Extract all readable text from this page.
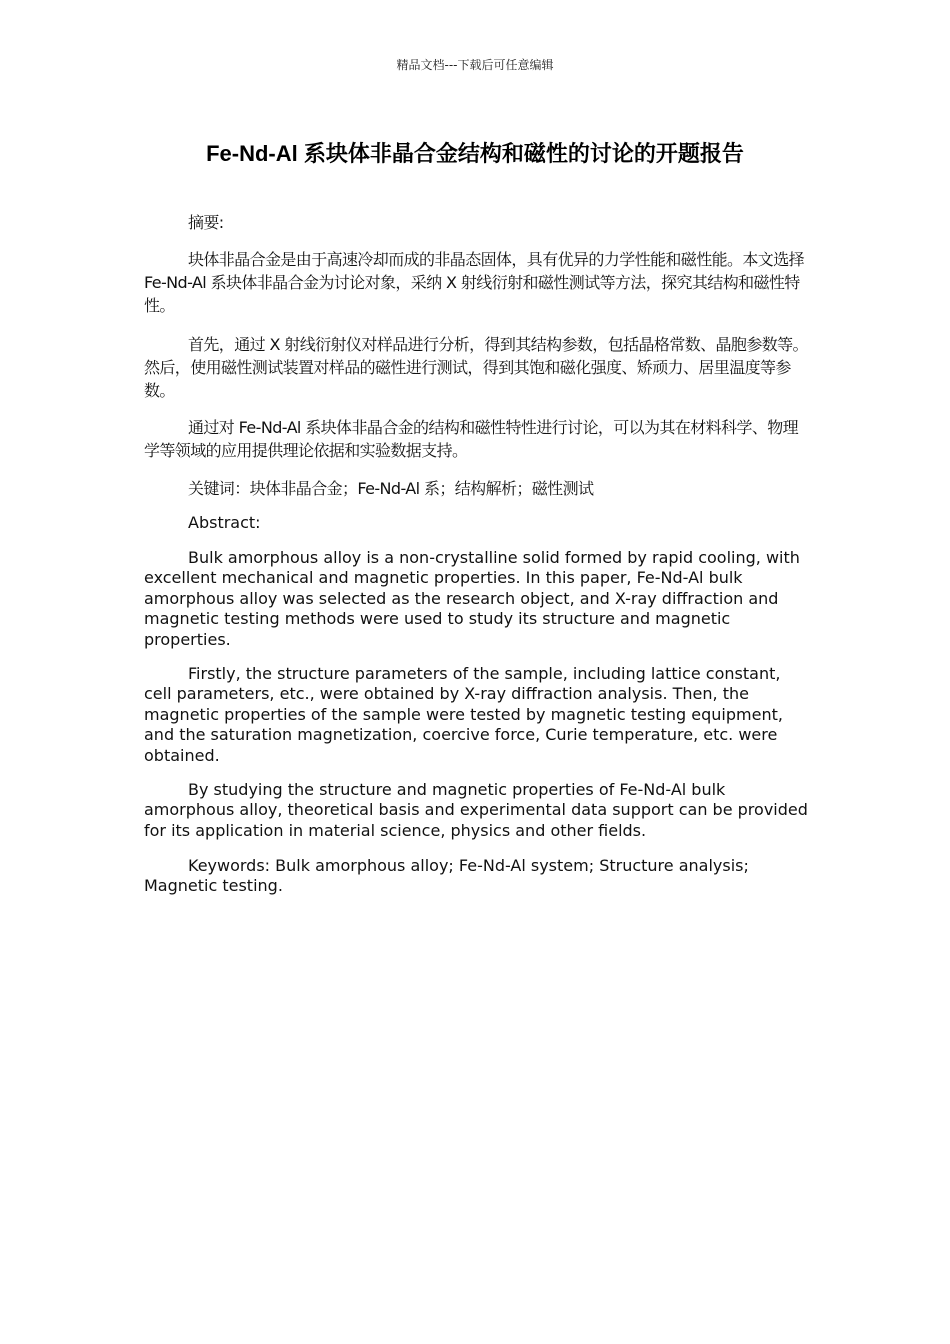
精品文档---下载后可任意编辑
Fe-Nd-Al 系块体非晶合金结构和磁性的讨论的开题报告

摘要:

块体非晶合金是由于高速冷却而成的非晶态固体，具有优异的力学性能和磁性能。本文选择 Fe-Nd-Al 系块体非晶合金为讨论对象，采纳 X 射线衍射和磁性测试等方法，探究其结构和磁性特性。

首先，通过 X 射线衍射仪对样品进行分析，得到其结构参数，包括晶格常数、晶胞参数等。然后，使用磁性测试装置对样品的磁性进行测试，得到其饱和磁化强度、矫顽力、居里温度等参数。

通过对 Fe-Nd-Al 系块体非晶合金的结构和磁性特性进行讨论，可以为其在材料科学、物理学等领域的应用提供理论依据和实验数据支持。

关键词：块体非晶合金；Fe-Nd-Al 系；结构解析；磁性测试

Abstract:

Bulk amorphous alloy is a non-crystalline solid formed by rapid cooling, with excellent mechanical and magnetic properties. In this paper, Fe-Nd-Al bulk amorphous alloy was selected as the research object, and X-ray diffraction and magnetic testing methods were used to study its structure and magnetic properties.

Firstly, the structure parameters of the sample, including lattice constant, cell parameters, etc., were obtained by X-ray diffraction analysis. Then, the magnetic properties of the sample were tested by magnetic testing equipment, and the saturation magnetization, coercive force, Curie temperature, etc. were obtained.

By studying the structure and magnetic properties of Fe-Nd-Al bulk amorphous alloy, theoretical basis and experimental data support can be provided for its application in material science, physics and other fields.

Keywords: Bulk amorphous alloy; Fe-Nd-Al system; Structure analysis; Magnetic testing.
